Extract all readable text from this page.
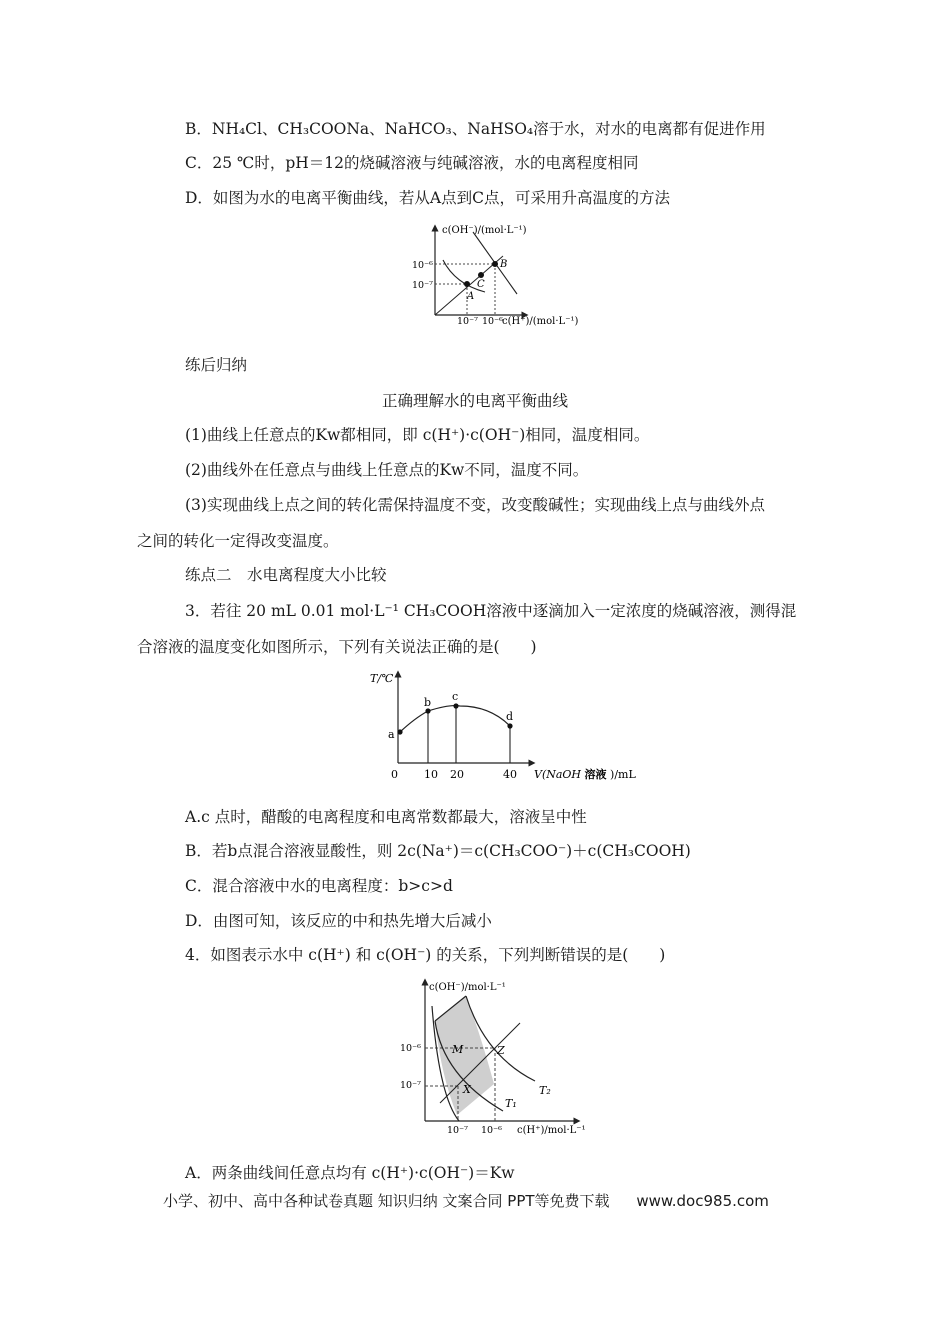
B．NH₄Cl、CH₃COONa、NaHCO₃、NaHSO₄溶于水，对水的电离都有促进作用
C．25 ℃时，pH＝12的烧碱溶液与纯碱溶液，水的电离程度相同
D．如图为水的电离平衡曲线，若从A点到C点，可采用升高温度的方法
c(OH⁻)/(mol·L⁻¹)
c(H⁺)/(mol·L⁻¹)
10⁻⁶
10⁻⁷
10⁻⁷ 10⁻⁶
A
B
C
练后归纳
正确理解水的电离平衡曲线
(1)曲线上任意点的Kw都相同，即 c(H⁺)·c(OH⁻)相同，温度相同。
(2)曲线外在任意点与曲线上任意点的Kw不同，温度不同。
(3)实现曲线上点之间的转化需保持温度不变，改变酸碱性；实现曲线上点与曲线外点
之间的转化一定得改变温度。
练点二　水电离程度大小比较
3．若往 20 mL 0.01 mol·L⁻¹ CH₃COOH溶液中逐滴加入一定浓度的烧碱溶液，测得混
合溶液的温度变化如图所示，下列有关说法正确的是(　　)
T/℃
V(NaOH 溶液 )/mL
0 10 20	40
a
b c
d
A.c 点时，醋酸的电离程度和电离常数都最大，溶液呈中性
B．若b点混合溶液显酸性，则 2c(Na⁺)＝c(CH₃COO⁻)＋c(CH₃COOH)
C．混合溶液中水的电离程度：b>c>d
D．由图可知，该反应的中和热先增大后减小
4．如图表示水中 c(H⁺) 和 c(OH⁻) 的关系，下列判断错误的是(　　)
c(OH⁻)/mol·L⁻¹
c(H⁺)/mol·L⁻¹
10⁻⁷
10⁻⁶
10⁻⁷ 10⁻⁶
M	Z
X	T₂
T₁
A．两条曲线间任意点均有 c(H⁺)·c(OH⁻)＝Kw
小学、初中、高中各种试卷真题 知识归纳 文案合同 PPT等免费下载 www.doc985.com
